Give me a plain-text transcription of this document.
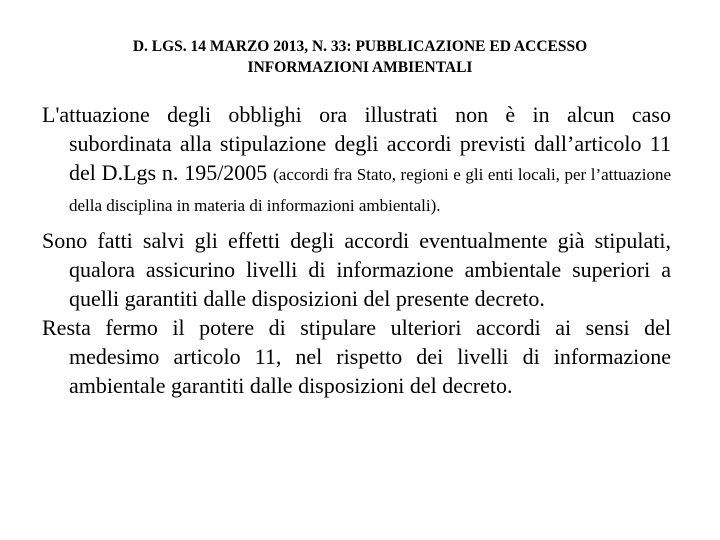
D. LGS. 14 MARZO 2013, N. 33: PUBBLICAZIONE ED ACCESSO
INFORMAZIONI AMBIENTALI

L'attuazione degli obblighi ora illustrati non è in alcun caso subordinata alla stipulazione degli accordi previsti dall’articolo 11 del D.Lgs n. 195/2005 (accordi fra Stato, regioni e gli enti locali, per l’attuazione della disciplina in materia di informazioni ambientali).

Sono fatti salvi gli effetti degli accordi eventualmente già stipulati, qualora assicurino livelli di informazione ambientale superiori a quelli garantiti dalle disposizioni del presente decreto.

Resta fermo il potere di stipulare ulteriori accordi ai sensi del medesimo articolo 11, nel rispetto dei livelli di informazione ambientale garantiti dalle disposizioni del decreto.
